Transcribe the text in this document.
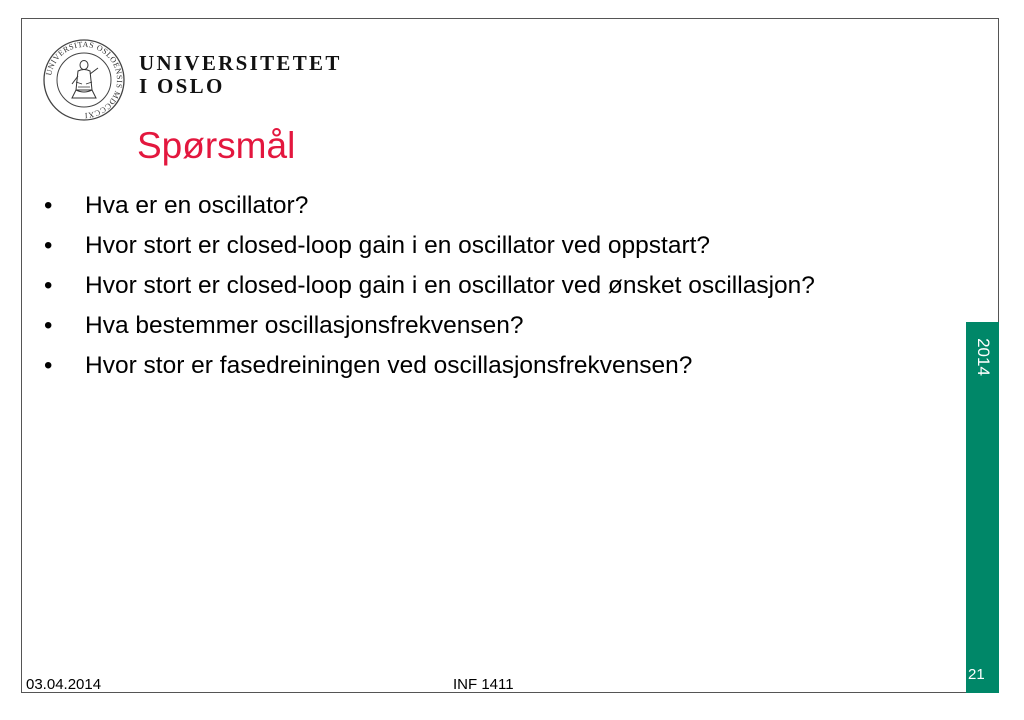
UNIVERSITAS OSLOENSIS MDCCCXI
UNIVERSITETET
I OSLO
Spørsmål
• Hva er en oscillator?
• Hvor stort er closed-loop gain i en oscillator ved oppstart?
• Hvor stort er closed-loop gain i en oscillator ved ønsket oscillasjon?
• Hva bestemmer oscillasjonsfrekvensen?
• Hvor stor er fasedreiningen ved oscillasjonsfrekvensen?	2014
21
03.04.2014	INF 1411
